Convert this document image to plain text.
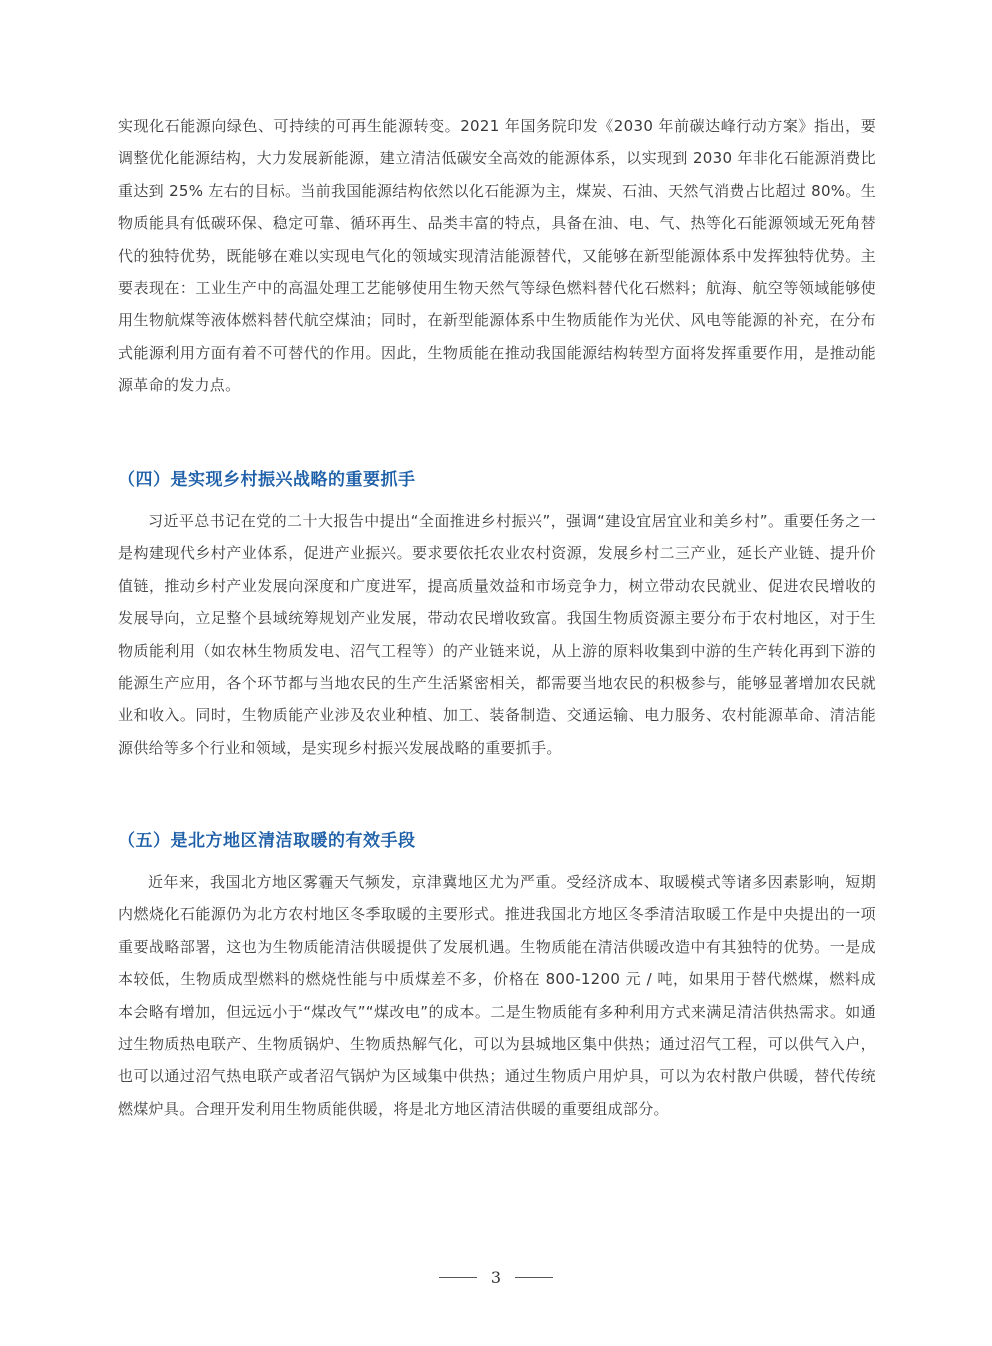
实现化石能源向绿色、可持续的可再生能源转变。2021 年国务院印发《2030 年前碳达峰行动方案》指出，要调整优化能源结构，大力发展新能源，建立清洁低碳安全高效的能源体系，以实现到 2030 年非化石能源消费比重达到 25% 左右的目标。当前我国能源结构依然以化石能源为主，煤炭、石油、天然气消费占比超过 80%。生物质能具有低碳环保、稳定可靠、循环再生、品类丰富的特点，具备在油、电、气、热等化石能源领域无死角替代的独特优势，既能够在难以实现电气化的领域实现清洁能源替代，又能够在新型能源体系中发挥独特优势。主要表现在：工业生产中的高温处理工艺能够使用生物天然气等绿色燃料替代化石燃料；航海、航空等领域能够使用生物航煤等液体燃料替代航空煤油；同时，在新型能源体系中生物质能作为光伏、风电等能源的补充，在分布式能源利用方面有着不可替代的作用。因此，生物质能在推动我国能源结构转型方面将发挥重要作用，是推动能源革命的发力点。

（四）是实现乡村振兴战略的重要抓手

习近平总书记在党的二十大报告中提出“全面推进乡村振兴”，强调“建设宜居宜业和美乡村”。重要任务之一是构建现代乡村产业体系，促进产业振兴。要求要依托农业农村资源，发展乡村二三产业，延长产业链、提升价值链，推动乡村产业发展向深度和广度进军，提高质量效益和市场竞争力，树立带动农民就业、促进农民增收的发展导向，立足整个县域统筹规划产业发展，带动农民增收致富。我国生物质资源主要分布于农村地区，对于生物质能利用（如农林生物质发电、沼气工程等）的产业链来说，从上游的原料收集到中游的生产转化再到下游的能源生产应用，各个环节都与当地农民的生产生活紧密相关，都需要当地农民的积极参与，能够显著增加农民就业和收入。同时，生物质能产业涉及农业种植、加工、装备制造、交通运输、电力服务、农村能源革命、清洁能源供给等多个行业和领域，是实现乡村振兴发展战略的重要抓手。

（五）是北方地区清洁取暖的有效手段

近年来，我国北方地区雾霾天气频发，京津冀地区尤为严重。受经济成本、取暖模式等诸多因素影响，短期内燃烧化石能源仍为北方农村地区冬季取暖的主要形式。推进我国北方地区冬季清洁取暖工作是中央提出的一项重要战略部署，这也为生物质能清洁供暖提供了发展机遇。生物质能在清洁供暖改造中有其独特的优势。一是成本较低，生物质成型燃料的燃烧性能与中质煤差不多，价格在 800-1200 元 / 吨，如果用于替代燃煤，燃料成本会略有增加，但远远小于“煤改气”“煤改电”的成本。二是生物质能有多种利用方式来满足清洁供热需求。如通过生物质热电联产、生物质锅炉、生物质热解气化，可以为县城地区集中供热；通过沼气工程，可以供气入户，也可以通过沼气热电联产或者沼气锅炉为区域集中供热；通过生物质户用炉具，可以为农村散户供暖，替代传统燃煤炉具。合理开发利用生物质能供暖，将是北方地区清洁供暖的重要组成部分。

3
